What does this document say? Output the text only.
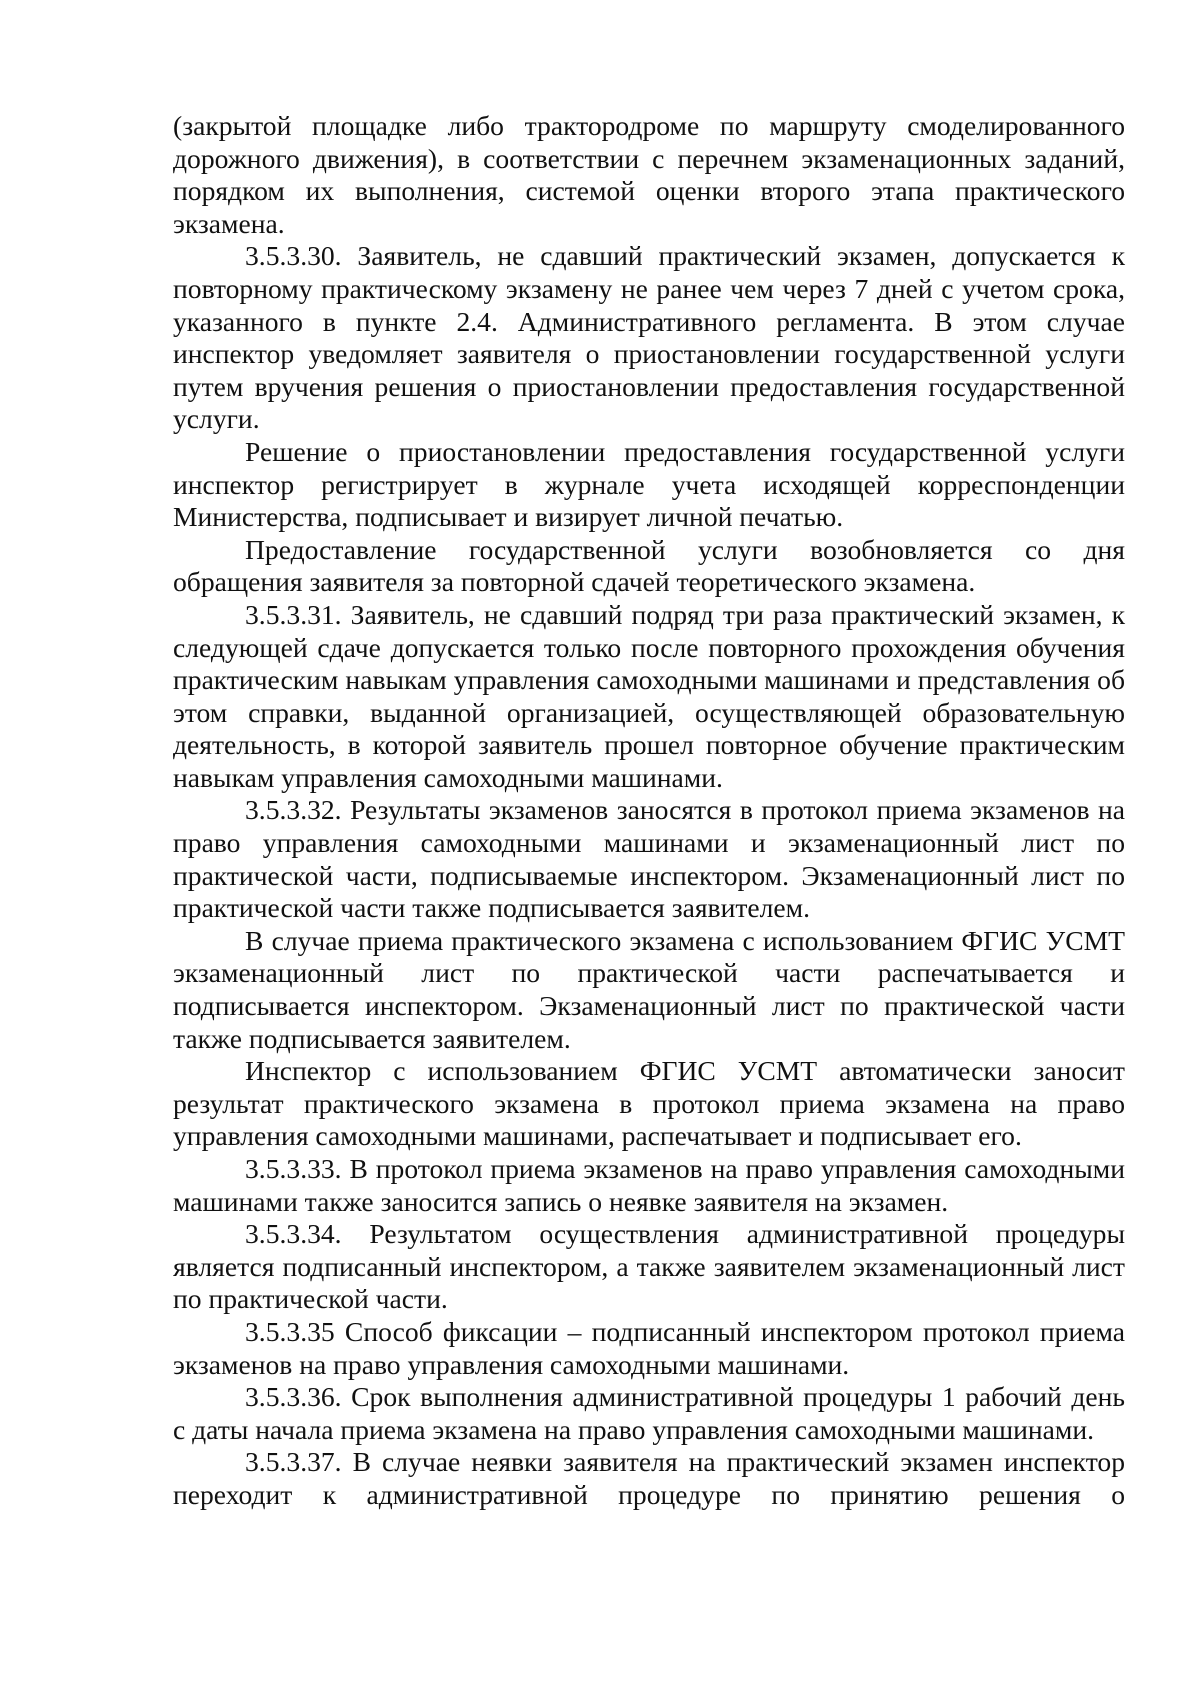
(закрытой площадке либо трактородроме по маршруту смоделированного дорожного движения), в соответствии с перечнем экзаменационных заданий, порядком их выполнения, системой оценки второго этапа практического экзамена.

3.5.3.30. Заявитель, не сдавший практический экзамен, допускается к повторному практическому экзамену не ранее чем через 7 дней с учетом срока, указанного в пункте 2.4. Административного регламента. В этом случае инспектор уведомляет заявителя о приостановлении государственной услуги путем вручения решения о приостановлении предоставления государственной услуги.

Решение о приостановлении предоставления государственной услуги инспектор регистрирует в журнале учета исходящей корреспонденции Министерства, подписывает и визирует личной печатью.

Предоставление государственной услуги возобновляется со дня обращения заявителя за повторной сдачей теоретического экзамена.

3.5.3.31. Заявитель, не сдавший подряд три раза практический экзамен, к следующей сдаче допускается только после повторного прохождения обучения практическим навыкам управления самоходными машинами и представления об этом справки, выданной организацией, осуществляющей образовательную деятельность, в которой заявитель прошел повторное обучение практическим навыкам управления самоходными машинами.

3.5.3.32. Результаты экзаменов заносятся в протокол приема экзаменов на право управления самоходными машинами и экзаменационный лист по практической части, подписываемые инспектором. Экзаменационный лист по практической части также подписывается заявителем.

В случае приема практического экзамена с использованием ФГИС УСМТ экзаменационный лист по практической части распечатывается и подписывается инспектором. Экзаменационный лист по практической части также подписывается заявителем.

Инспектор с использованием ФГИС УСМТ автоматически заносит результат практического экзамена в протокол приема экзамена на право управления самоходными машинами, распечатывает и подписывает его.

3.5.3.33. В протокол приема экзаменов на право управления самоходными машинами также заносится запись о неявке заявителя на экзамен.

3.5.3.34. Результатом осуществления административной процедуры является подписанный инспектором, а также заявителем экзаменационный лист по практической части.

3.5.3.35 Способ фиксации – подписанный инспектором протокол приема экзаменов на право управления самоходными машинами.

3.5.3.36. Срок выполнения административной процедуры 1 рабочий день с даты начала приема экзамена на право управления самоходными машинами.

3.5.3.37. В случае неявки заявителя на практический экзамен инспектор переходит к административной процедуре по принятию решения о
